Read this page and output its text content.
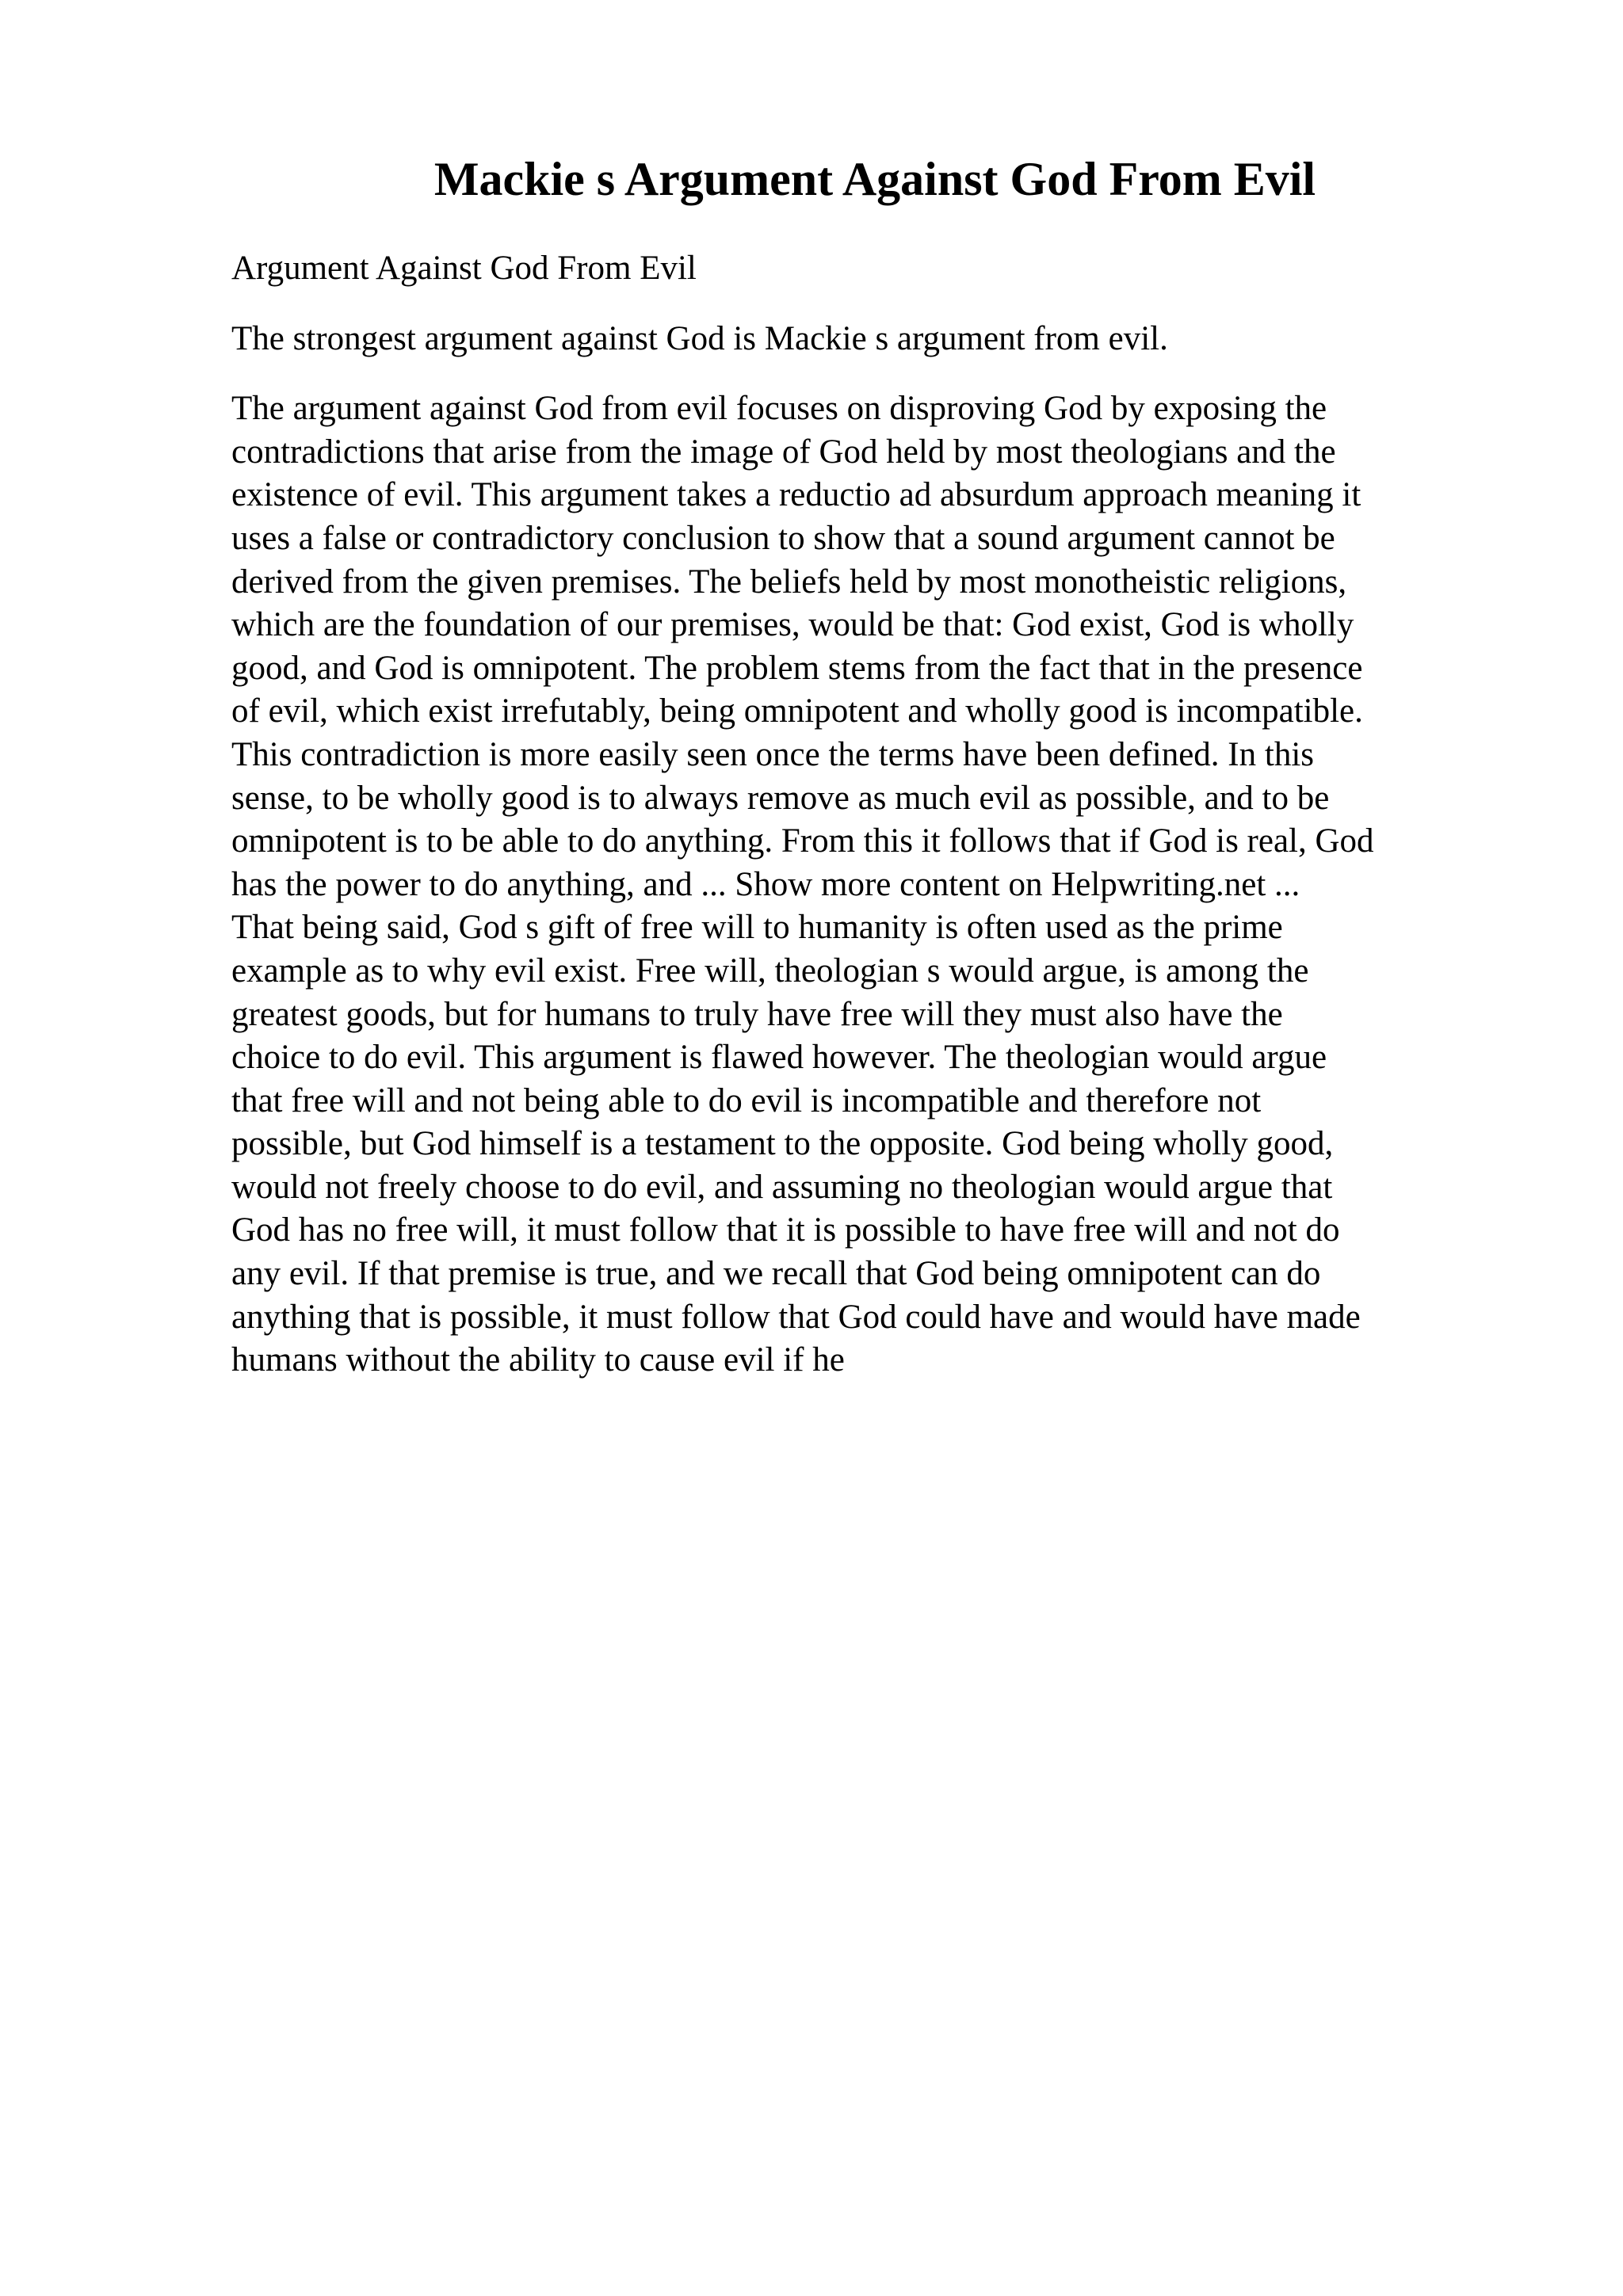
Mackie s Argument Against God From Evil

Argument Against God From Evil

The strongest argument against God is Mackie s argument from evil.

The argument against God from evil focuses on disproving God by exposing the
contradictions that arise from the image of God held by most theologians and the
existence of evil. This argument takes a reductio ad absurdum approach meaning it
uses a false or contradictory conclusion to show that a sound argument cannot be
derived from the given premises. The beliefs held by most monotheistic religions,
which are the foundation of our premises, would be that: God exist, God is wholly
good, and God is omnipotent. The problem stems from the fact that in the presence
of evil, which exist irrefutably, being omnipotent and wholly good is incompatible.
This contradiction is more easily seen once the terms have been defined. In this
sense, to be wholly good is to always remove as much evil as possible, and to be
omnipotent is to be able to do anything. From this it follows that if God is real, God
has the power to do anything, and ... Show more content on Helpwriting.net ...
That being said, God s gift of free will to humanity is often used as the prime
example as to why evil exist. Free will, theologian s would argue, is among the
greatest goods, but for humans to truly have free will they must also have the
choice to do evil. This argument is flawed however. The theologian would argue
that free will and not being able to do evil is incompatible and therefore not
possible, but God himself is a testament to the opposite. God being wholly good,
would not freely choose to do evil, and assuming no theologian would argue that
God has no free will, it must follow that it is possible to have free will and not do
any evil. If that premise is true, and we recall that God being omnipotent can do
anything that is possible, it must follow that God could have and would have made
humans without the ability to cause evil if he
